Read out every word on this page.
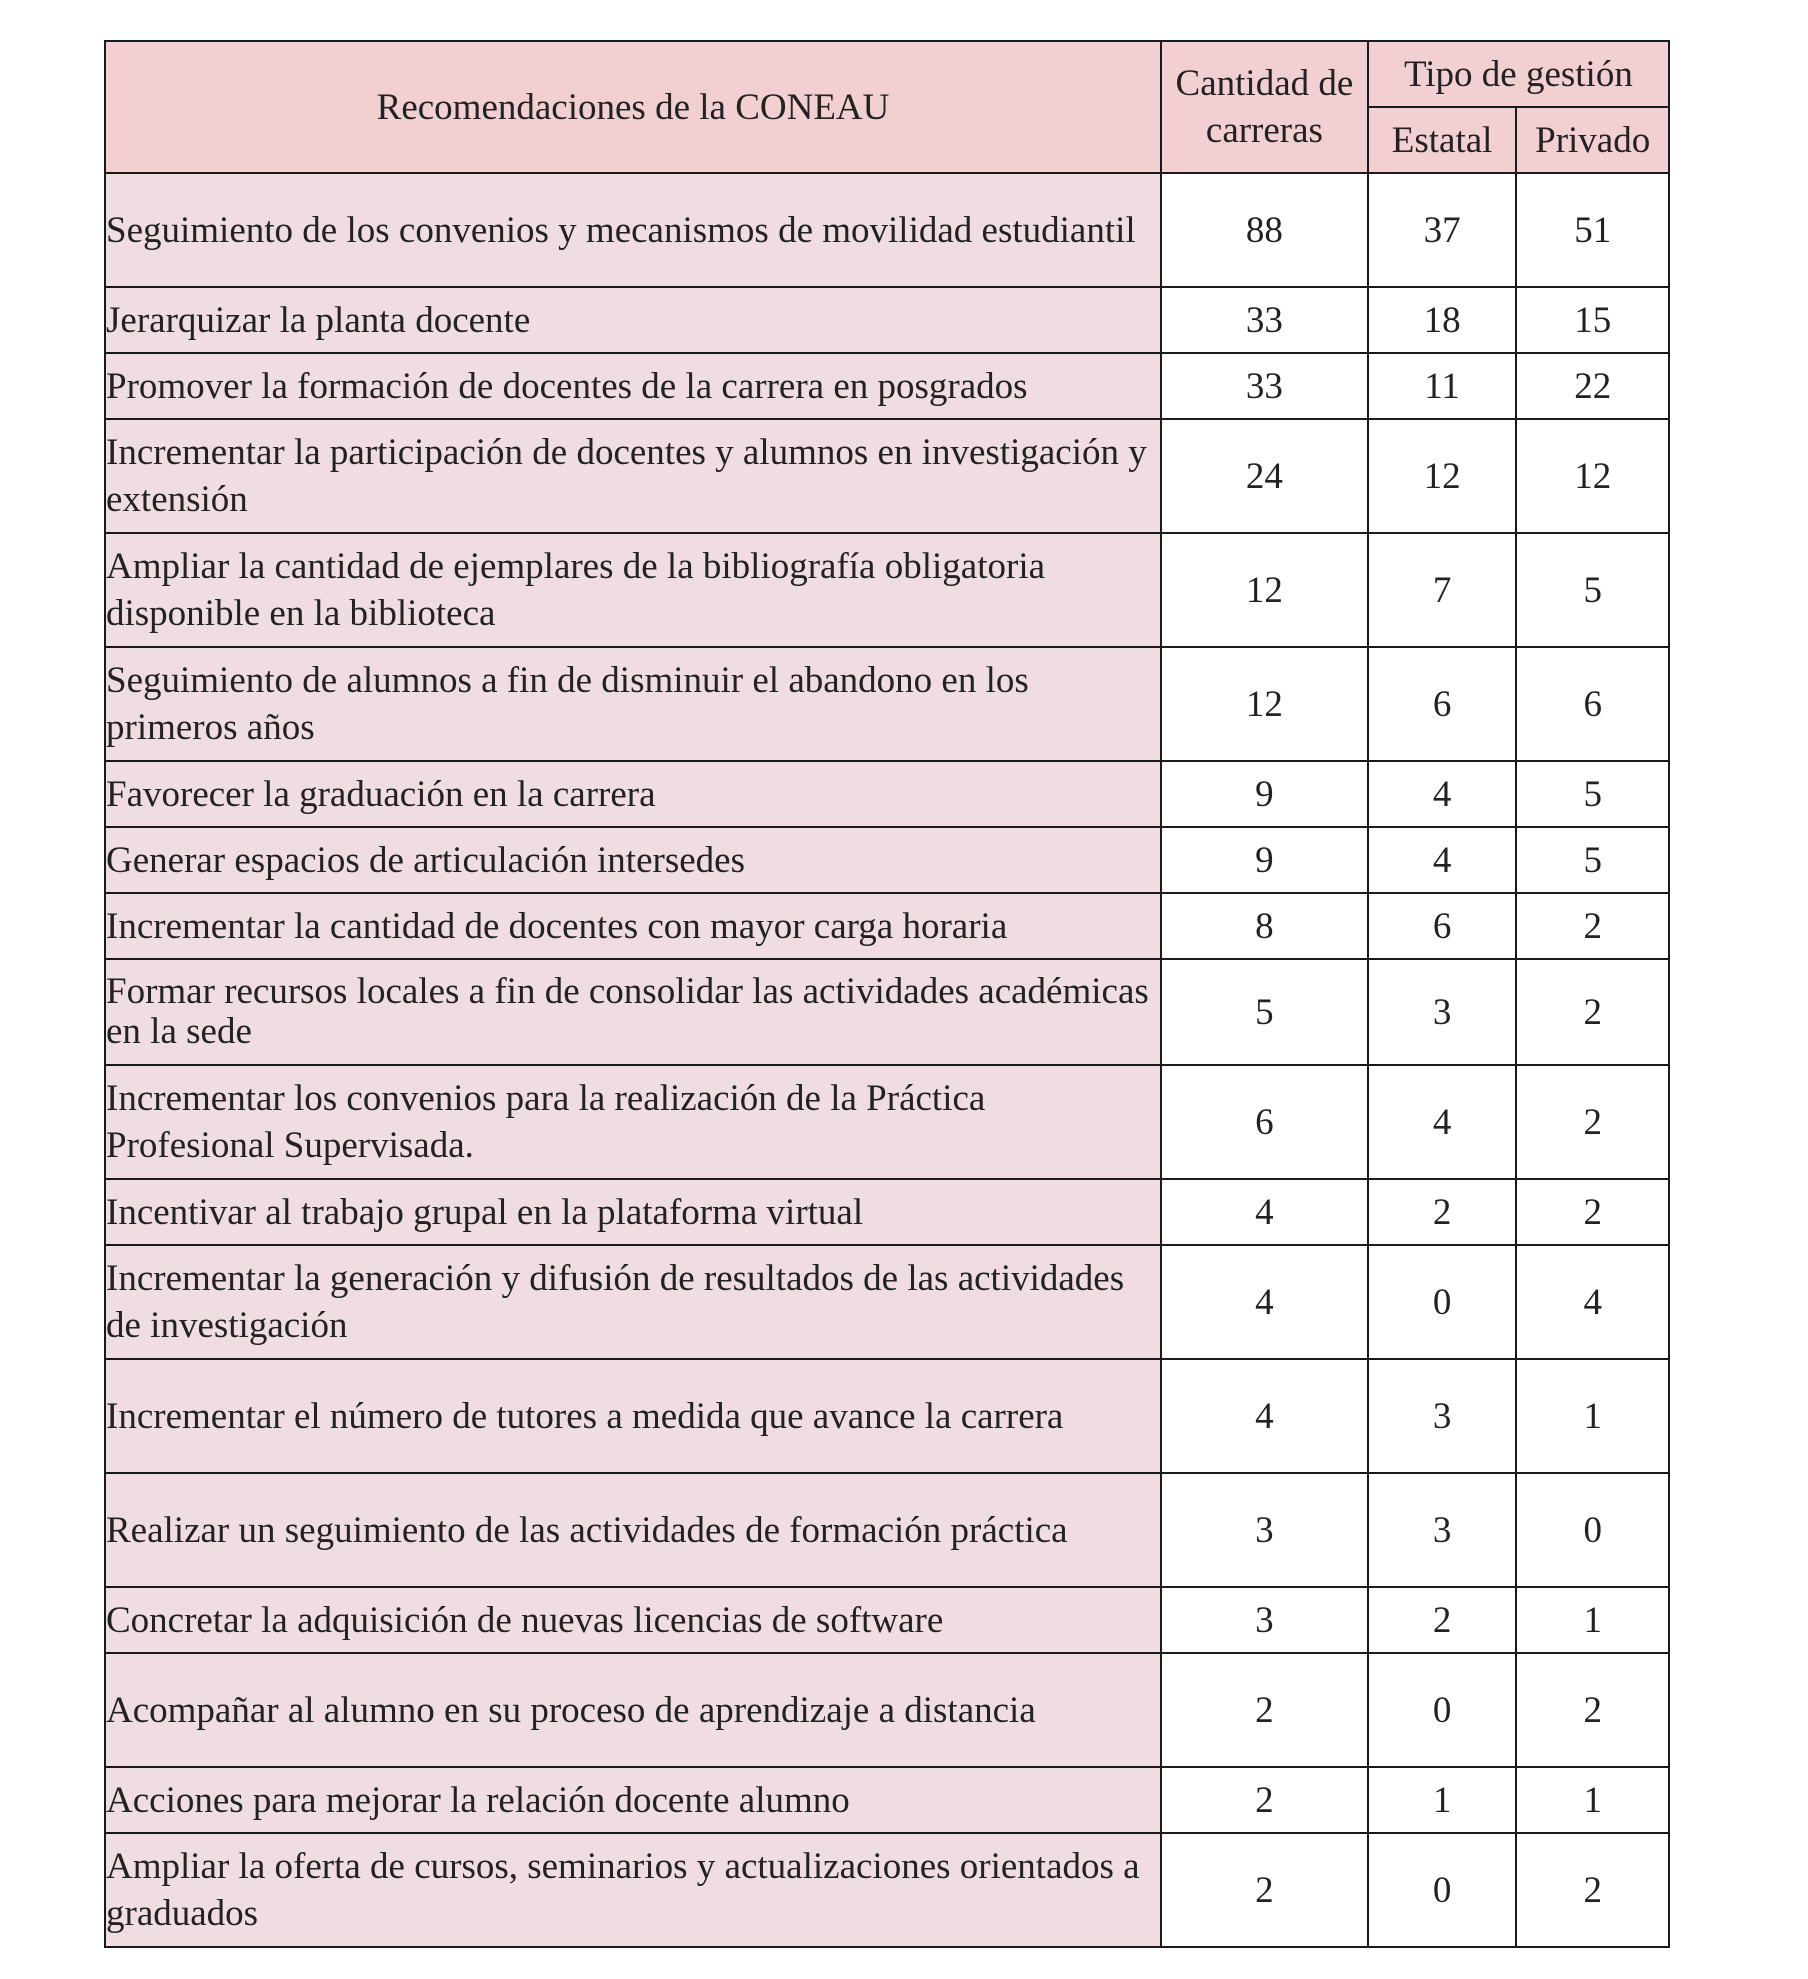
Recomendaciones de la CONEAU	Cantidad de carreras	Tipo de gestión	
		Estatal	Privado
Seguimiento de los convenios y mecanismos de movilidad estudiantil	88	37	51
Jerarquizar la planta docente	33	18	15
Promover la formación de docentes de la carrera en posgrados	33	11	22
Incrementar la participación de docentes y alumnos en investigación y extensión	24	12	12
Ampliar la cantidad de ejemplares de la bibliografía obligatoria disponible en la biblioteca	12	7	5
Seguimiento de alumnos a fin de disminuir el abandono en los primeros años	12	6	6
Favorecer la graduación en la carrera	9	4	5
Generar espacios de articulación intersedes	9	4	5
Incrementar la cantidad de docentes con mayor carga horaria	8	6	2
Formar recursos locales a fin de consolidar las actividades académicas en la sede	5	3	2
Incrementar los convenios para la realización de la Práctica Profesional Supervisada.	6	4	2
Incentivar al trabajo grupal en la plataforma virtual	4	2	2
Incrementar la generación y difusión de resultados de las actividades de investigación	4	0	4
Incrementar el número de tutores a medida que avance la carrera	4	3	1
Realizar un seguimiento de las actividades de formación práctica	3	3	0
Concretar la adquisición de nuevas licencias de software	3	2	1
Acompañar al alumno en su proceso de aprendizaje a distancia	2	0	2
Acciones para mejorar la relación docente alumno	2	1	1
Ampliar la oferta de cursos, seminarios y actualizaciones orientados a graduados	2	0	2
